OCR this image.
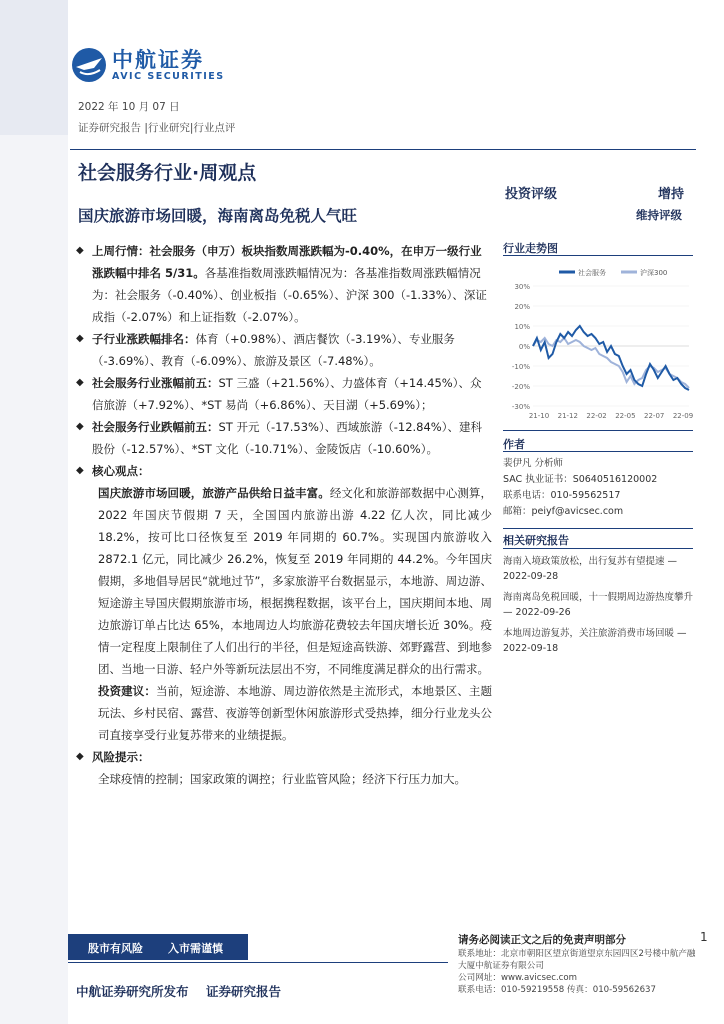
中航证券
AVIC SECURITIES
2022 年 10 月 07 日
证券研究报告 |行业研究|行业点评
社会服务行业·周观点
投资评级	增持
维持评级
国庆旅游市场回暖，海南离岛免税人气旺
◆ 上周行情：社会服务（申万）板块指数周涨跌幅为-0.40%，在申万一级行业涨跌幅中排名 5/31。各基准指数周涨跌幅情况为：各基准指数周涨跌幅情况为：社会服务（-0.40%）、创业板指（-0.65%）、沪深 300（-1.33%）、深证成指（-2.07%）和上证指数（-2.07%）。
◆ 子行业涨跌幅排名：体育（+0.98%）、酒店餐饮（-3.19%）、专业服务（-3.69%）、教育（-6.09%）、旅游及景区（-7.48%）。
◆ 社会服务行业涨幅前五：ST 三盛（+21.56%）、力盛体育（+14.45%）、众信旅游（+7.92%）、*ST 易尚（+6.86%）、天目湖（+5.69%）；
◆ 社会服务行业跌幅前五：ST 开元（-17.53%）、西域旅游（-12.84%）、建科股份（-12.57%）、*ST 文化（-10.71%）、金陵饭店（-10.60%）。
◆ 核心观点：
国庆旅游市场回暖，旅游产品供给日益丰富。经文化和旅游部数据中心测算，2022 年国庆节假期 7 天，全国国内旅游出游 4.22 亿人次，同比减少 18.2%，按可比口径恢复至 2019 年同期的 60.7%。实现国内旅游收入 2872.1 亿元，同比减少 26.2%，恢复至 2019 年同期的 44.2%。今年国庆假期，多地倡导居民“就地过节”，多家旅游平台数据显示，本地游、周边游、短途游主导国庆假期旅游市场，根据携程数据，该平台上，国庆期间本地、周边旅游订单占比达 65%，本地周边人均旅游花费较去年国庆增长近 30%。疫情一定程度上限制住了人们出行的半径，但是短途高铁游、郊野露营、到地参团、当地一日游、轻户外等新玩法层出不穷，不同维度满足群众的出行需求。
投资建议：当前，短途游、本地游、周边游依然是主流形式，本地景区、主题玩法、乡村民宿、露营、夜游等创新型休闲旅游形式受热捧，细分行业龙头公司直接享受行业复苏带来的业绩提振。
◆ 风险提示：
全球疫情的控制；国家政策的调控；行业监管风险；经济下行压力加大。
行业走势图
社会服务	沪深300
30%
20%
10%
0%
-10%
-20%
-30%
21-10 21-12 22-02 22-05 22-07 22-09
作者
裴伊凡 分析师
SAC 执业证书：S0640516120002
联系电话：010-59562517
邮箱：peiyf@avicsec.com
相关研究报告
海南入境政策放松，出行复苏有望提速 — 2022-09-28
海南离岛免税回暖，十一假期周边游热度攀升 — 2022-09-26
本地周边游复苏，关注旅游消费市场回暖 — 2022-09-18
股市有风险 入市需谨慎
中航证券研究所发布 证券研究报告
请务必阅读正文之后的免责声明部分
联系地址：北京市朝阳区望京街道望京东园四区2号楼中航产融大厦中航证券有限公司
公司网址：www.avicsec.com
联系电话：010-59219558 传真：010-59562637
1
